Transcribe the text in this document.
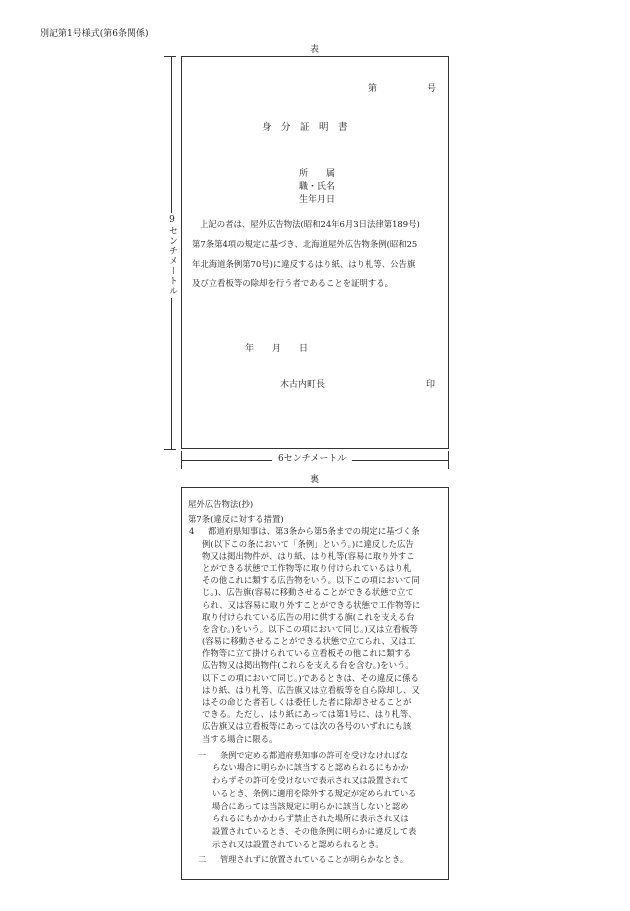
別記第1号様式(第6条関係)
表
第	号
身　分　証　明　書
所　　属
職・氏名
生年月日
上記の者は、屋外広告物法(昭和24年6月3日法律第189号)
第7条第4項の規定に基づき、北海道屋外広告物条例(昭和25
年北海道条例第70号)に違反するはり紙、はり札等、公告旗
及び立看板等の除却を行う者であることを証明する。
年　　月　　日
木古内町長	印
9センチメートル
6センチメートル
裏
屋外広告物法(抄)
第7条(違反に対する措置)
4	都道府県知事は、第3条から第5条までの規定に基づく条
例(以下この条において「条例」という。)に違反した広告
物又は掲出物件が、はり紙、はり札等(容易に取り外すこ
とができる状態で工作物等に取り付けられているはり札
その他これに類する広告物をいう。以下この項において同
じ。)、広告旗(容易に移動させることができる状態で立て
られ、又は容易に取り外すことができる状態で工作物等に
取り付けられている広告の用に供する旗(これを支える台
を含む。)をいう。以下この項において同じ。)又は立看板等
(容易に移動させることができる状態で立てられ、又は工
作物等に立て掛けられている立看板その他これに類する
広告物又は掲出物件(これらを支える台を含む。)をいう。
以下この項において同じ。)であるときは、その違反に係る
はり紙、はり札等、広告旗又は立看板等を自ら除却し、又
はその命じた者若しくは委任した者に除却させることが
できる。ただし、はり紙にあっては第1号に、はり札等、
広告旗又は立看板等にあっては次の各号のいずれにも該
当する場合に限る。
一	条例で定める都道府県知事の許可を受けなければな
らない場合に明らかに該当すると認められるにもかか
わらずその許可を受けないで表示され又は設置されて
いるとき、条例に適用を除外する規定が定められている
場合にあっては当該規定に明らかに該当しないと認め
られるにもかかわらず禁止された場所に表示され又は
設置されているとき、その他条例に明らかに違反して表
示され又は設置されていると認められるとき。
二	管理されずに放置されていることが明らかなとき。
